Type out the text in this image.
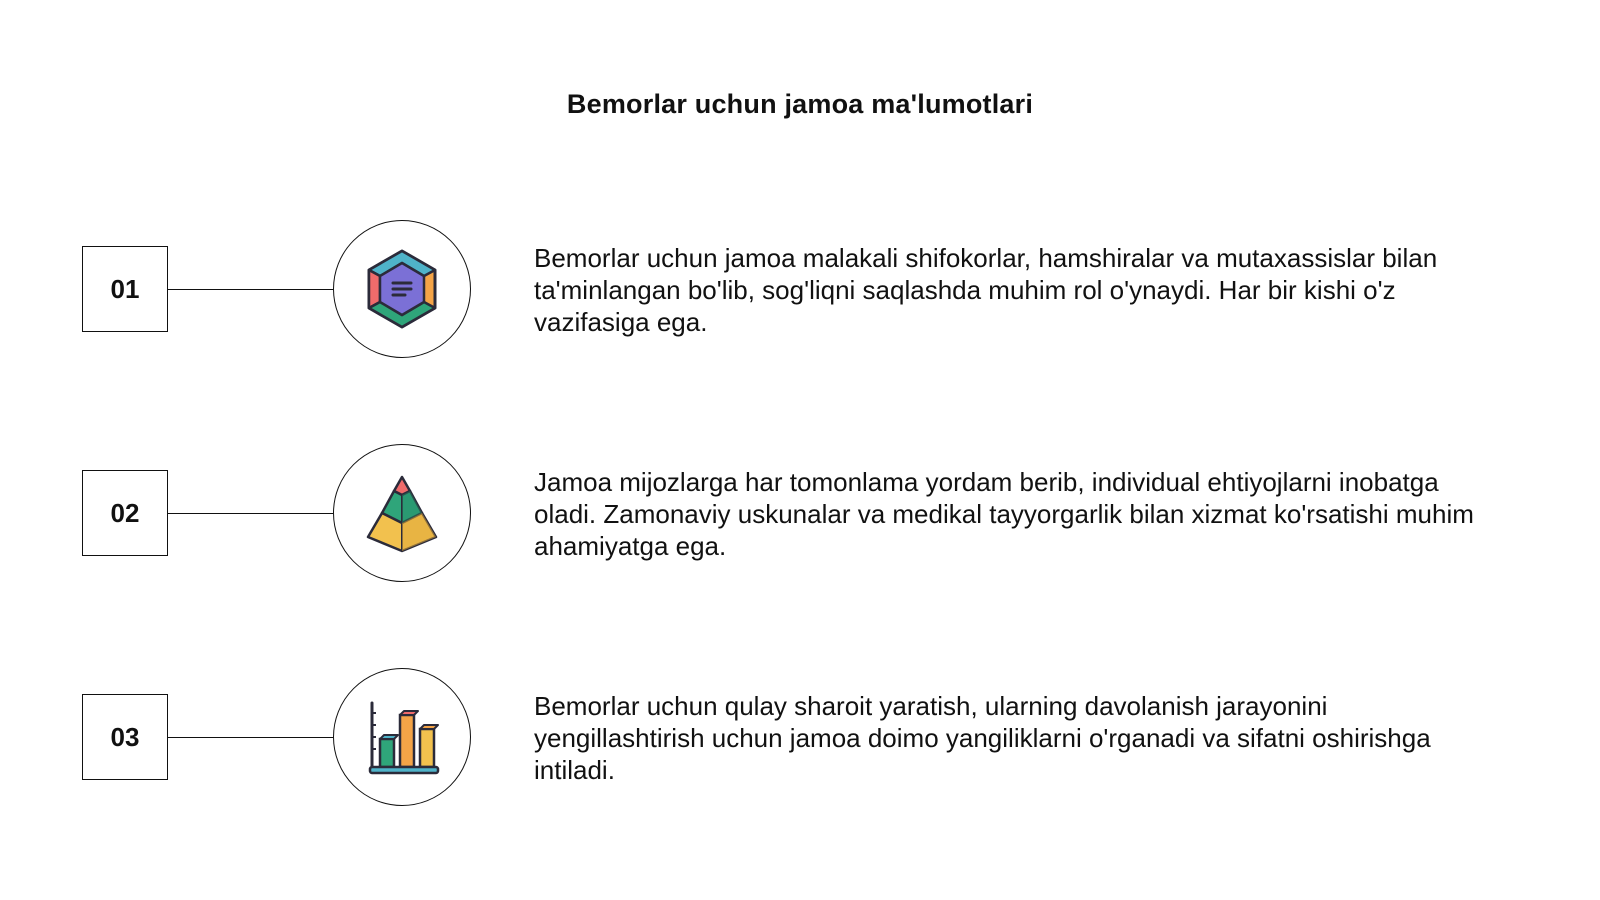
Bemorlar uchun jamoa ma'lumotlari
01
Bemorlar uchun jamoa malakali shifokorlar, hamshiralar va mutaxassislar bilan ta'minlangan bo'lib, sog'liqni saqlashda muhim rol o'ynaydi. Har bir kishi o'z vazifasiga ega.
02
Jamoa mijozlarga har tomonlama yordam berib, individual ehtiyojlarni inobatga oladi. Zamonaviy uskunalar va medikal tayyorgarlik bilan xizmat ko'rsatishi muhim ahamiyatga ega.
03
Bemorlar uchun qulay sharoit yaratish, ularning davolanish jarayonini yengillashtirish uchun jamoa doimo yangiliklarni o'rganadi va sifatni oshirishga intiladi.
